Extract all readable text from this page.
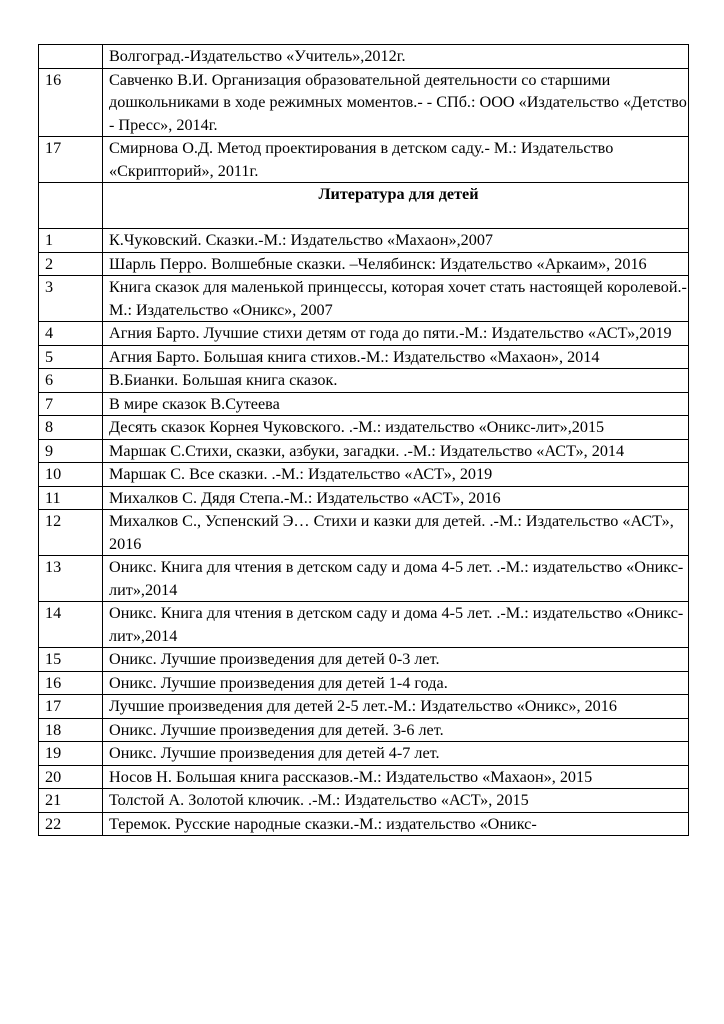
	Волгоград.-Издательство «Учитель»,2012г.
16	Савченко В.И. Организация образовательной деятельности со старшими дошкольниками в ходе режимных моментов.- - СПб.: ООО «Издательство «Детство - Пресс», 2014г.
17	Смирнова О.Д. Метод проектирования в детском саду.- М.: Издательство «Скрипторий», 2011г.
	Литература для детей
1	К.Чуковский. Сказки.-М.: Издательство «Махаон»,2007
2	Шарль Перро. Волшебные сказки. –Челябинск: Издательство «Аркаим», 2016
3	Книга сказок для маленькой принцессы, которая хочет стать настоящей королевой.-М.: Издательство «Оникс», 2007
4	Агния Барто. Лучшие стихи детям от года до пяти.-М.: Издательство «АСТ»,2019
5	Агния Барто. Большая книга стихов.-М.: Издательство «Махаон», 2014
6	В.Бианки. Большая книга сказок.
7	В мире сказок В.Сутеева
8	Десять сказок Корнея Чуковского. .-М.: издательство «Оникс-лит»,2015
9	Маршак С.Стихи, сказки, азбуки, загадки. .-М.: Издательство «АСТ», 2014
10	Маршак С. Все сказки. .-М.: Издательство «АСТ», 2019
11	Михалков С. Дядя Степа.-М.: Издательство «АСТ», 2016
12	Михалков С., Успенский Э… Стихи и казки для детей. .-М.: Издательство «АСТ», 2016
13	Оникс. Книга для чтения в детском саду и дома 4-5 лет. .-М.: издательство «Оникс-лит»,2014
14	Оникс. Книга для чтения в детском саду и дома 4-5 лет. .-М.: издательство «Оникс-лит»,2014
15	Оникс. Лучшие произведения для детей 0-3 лет.
16	Оникс. Лучшие произведения для детей 1-4 года.
17	Лучшие произведения для детей 2-5 лет.-М.: Издательство «Оникс», 2016
18	Оникс. Лучшие произведения для детей. 3-6 лет.
19	Оникс. Лучшие произведения для детей 4-7 лет.
20	Носов Н. Большая книга рассказов.-М.: Издательство «Махаон», 2015
21	Толстой А. Золотой ключик. .-М.: Издательство «АСТ», 2015
22	Теремок. Русские народные сказки.-М.: издательство «Оникс-
